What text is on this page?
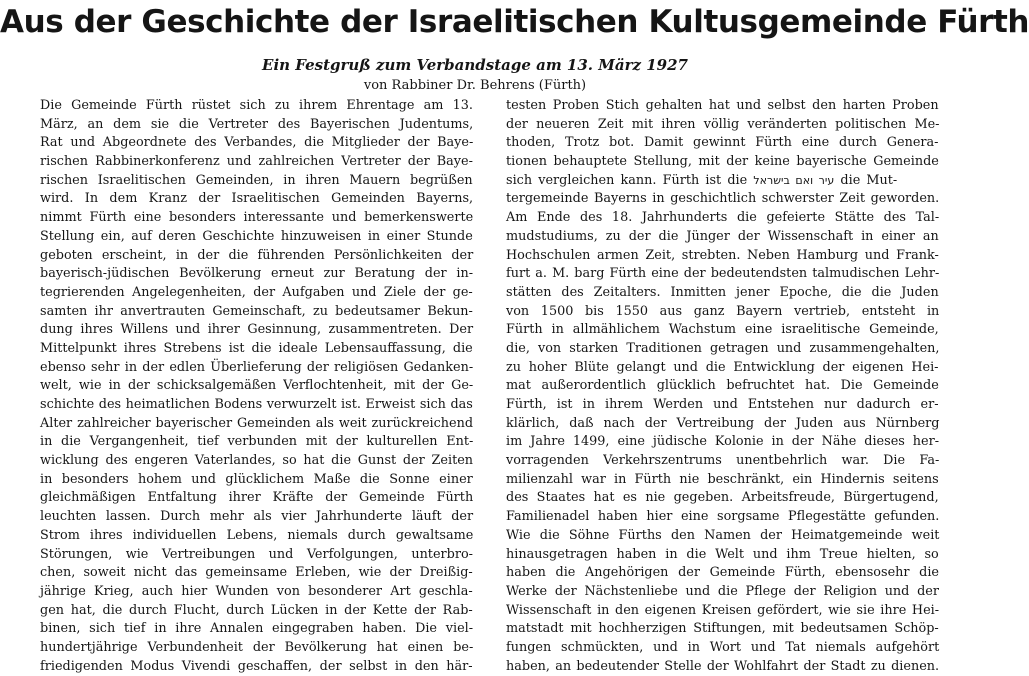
Aus der Geschichte der Israelitischen Kultusgemeinde Fürth
Ein Festgruß zum Verbandstage am 13. März 1927
von Rabbiner Dr. Behrens (Fürth)
Die Gemeinde Fürth rüstet sich zu ihrem Ehrentage am 13.
März, an dem sie die Vertreter des Bayerischen Judentums,
Rat und Abgeordnete des Verbandes, die Mitglieder der Baye-
rischen Rabbinerkonferenz und zahlreichen Vertreter der Baye-
rischen Israelitischen Gemeinden, in ihren Mauern begrüßen
wird. In dem Kranz der Israelitischen Gemeinden Bayerns,
nimmt Fürth eine besonders interessante und bemerkenswerte
Stellung ein, auf deren Geschichte hinzuweisen in einer Stunde
geboten erscheint, in der die führenden Persönlichkeiten der
bayerisch-jüdischen Bevölkerung erneut zur Beratung der in-
tegrierenden Angelegenheiten, der Aufgaben und Ziele der ge-
samten ihr anvertrauten Gemeinschaft, zu bedeutsamer Bekun-
dung ihres Willens und ihrer Gesinnung, zusammentreten. Der
Mittelpunkt ihres Strebens ist die ideale Lebensauffassung, die
ebenso sehr in der edlen Überlieferung der religiösen Gedanken-
welt, wie in der schicksalgemäßen Verflochtenheit, mit der Ge-
schichte des heimatlichen Bodens verwurzelt ist. Erweist sich das
Alter zahlreicher bayerischer Gemeinden als weit zurückreichend
in die Vergangenheit, tief verbunden mit der kulturellen Ent-
wicklung des engeren Vaterlandes, so hat die Gunst der Zeiten
in besonders hohem und glücklichem Maße die Sonne einer
gleichmäßigen Entfaltung ihrer Kräfte der Gemeinde Fürth
leuchten lassen. Durch mehr als vier Jahrhunderte läuft der
Strom ihres individuellen Lebens, niemals durch gewaltsame
Störungen, wie Vertreibungen und Verfolgungen, unterbro-
chen, soweit nicht das gemeinsame Erleben, wie der Dreißig-
jährige Krieg, auch hier Wunden von besonderer Art geschla-
gen hat, die durch Flucht, durch Lücken in der Kette der Rab-
binen, sich tief in ihre Annalen eingegraben haben. Die viel-
hundertjährige Verbundenheit der Bevölkerung hat einen be-
friedigenden Modus Vivendi geschaffen, der selbst in den här-
testen Proben Stich gehalten hat und selbst den harten Proben
der neueren Zeit mit ihren völlig veränderten politischen Me-
thoden, Trotz bot. Damit gewinnt Fürth eine durch Genera-
tionen behauptete Stellung, mit der keine bayerische Gemeinde
sich vergleichen kann. Fürth ist die עיר ואם בישראל die Mut-
tergemeinde Bayerns in geschichtlich schwerster Zeit geworden.
Am Ende des 18. Jahrhunderts die gefeierte Stätte des Tal-
mudstudiums, zu der die Jünger der Wissenschaft in einer an
Hochschulen armen Zeit, strebten. Neben Hamburg und Frank-
furt a. M. barg Fürth eine der bedeutendsten talmudischen Lehr-
stätten des Zeitalters. Inmitten jener Epoche, die die Juden
von 1500 bis 1550 aus ganz Bayern vertrieb, entsteht in
Fürth in allmählichem Wachstum eine israelitische Gemeinde,
die, von starken Traditionen getragen und zusammengehalten,
zu hoher Blüte gelangt und die Entwicklung der eigenen Hei-
mat außerordentlich glücklich befruchtet hat. Die Gemeinde
Fürth, ist in ihrem Werden und Entstehen nur dadurch er-
klärlich, daß nach der Vertreibung der Juden aus Nürnberg
im Jahre 1499, eine jüdische Kolonie in der Nähe dieses her-
vorragenden Verkehrszentrums unentbehrlich war. Die Fa-
milienzahl war in Fürth nie beschränkt, ein Hindernis seitens
des Staates hat es nie gegeben. Arbeitsfreude, Bürgertugend,
Familienadel haben hier eine sorgsame Pflegestätte gefunden.
Wie die Söhne Fürths den Namen der Heimatgemeinde weit
hinausgetragen haben in die Welt und ihm Treue hielten, so
haben die Angehörigen der Gemeinde Fürth, ebensosehr die
Werke der Nächstenliebe und die Pflege der Religion und der
Wissenschaft in den eigenen Kreisen gefördert, wie sie ihre Hei-
matstadt mit hochherzigen Stiftungen, mit bedeutsamen Schöp-
fungen schmückten, und in Wort und Tat niemals aufgehört
haben, an bedeutender Stelle der Wohlfahrt der Stadt zu dienen.
